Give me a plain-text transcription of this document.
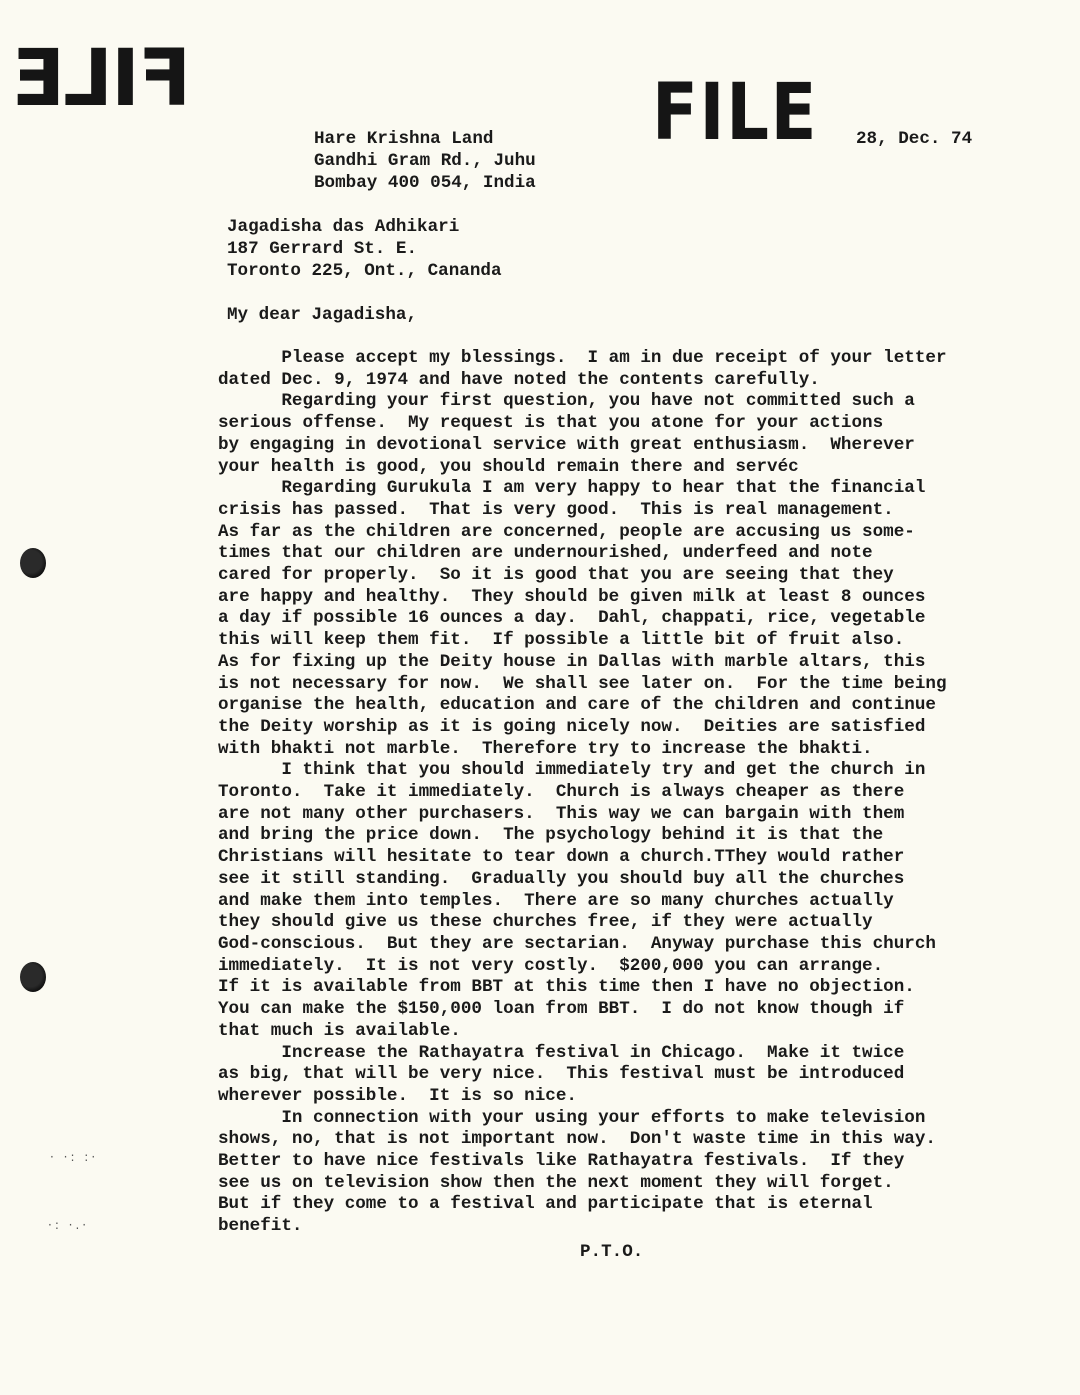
FILE	FILE
Hare Krishna Land
Gandhi Gram Rd., Juhu
Bombay 400 054, India
28, Dec. 74
Jagadisha das Adhikari
187 Gerrard St. E.
Toronto 225, Ont., Cananda
My dear Jagadisha,
Please accept my blessings.  I am in due receipt of your letter
dated Dec. 9, 1974 and have noted the contents carefully.
Regarding your first question, you have not committed such a
serious offense.  My request is that you atone for your actions
by engaging in devotional service with great enthusiasm.  Wherever
your health is good, you should remain there and servéc
Regarding Gurukula I am very happy to hear that the financial
crisis has passed.  That is very good.  This is real management.
As far as the children are concerned, people are accusing us some-
times that our children are undernourished, underfeed and note
cared for properly.  So it is good that you are seeing that they
are happy and healthy.  They should be given milk at least 8 ounces
a day if possible 16 ounces a day.  Dahl, chappati, rice, vegetable
this will keep them fit.  If possible a little bit of fruit also.
As for fixing up the Deity house in Dallas with marble altars, this
is not necessary for now.  We shall see later on.  For the time being
organise the health, education and care of the children and continue
the Deity worship as it is going nicely now.  Deities are satisfied
with bhakti not marble.  Therefore try to increase the bhakti.
I think that you should immediately try and get the church in
Toronto.  Take it immediately.  Church is always cheaper as there
are not many other purchasers.  This way we can bargain with them
and bring the price down.  The psychology behind it is that the
Christians will hesitate to tear down a church.TThey would rather
see it still standing.  Gradually you should buy all the churches
and make them into temples.  There are so many churches actually
they should give us these churches free, if they were actually
God-conscious.  But they are sectarian.  Anyway purchase this church
immediately.  It is not very costly.  $200,000 you can arrange.
If it is available from BBT at this time then I have no objection.
You can make the $150,000 loan from BBT.  I do not know though if
that much is available.
Increase the Rathayatra festival in Chicago.  Make it twice
as big, that will be very nice.  This festival must be introduced
wherever possible.  It is so nice.
In connection with your using your efforts to make television
shows, no, that is not important now.  Don't waste time in this way.
Better to have nice festivals like Rathayatra festivals.  If they
see us on television show then the next moment they will forget.
But if they come to a festival and participate that is eternal
benefit.
P.T.O.
· ·: :·
·: ·.·
